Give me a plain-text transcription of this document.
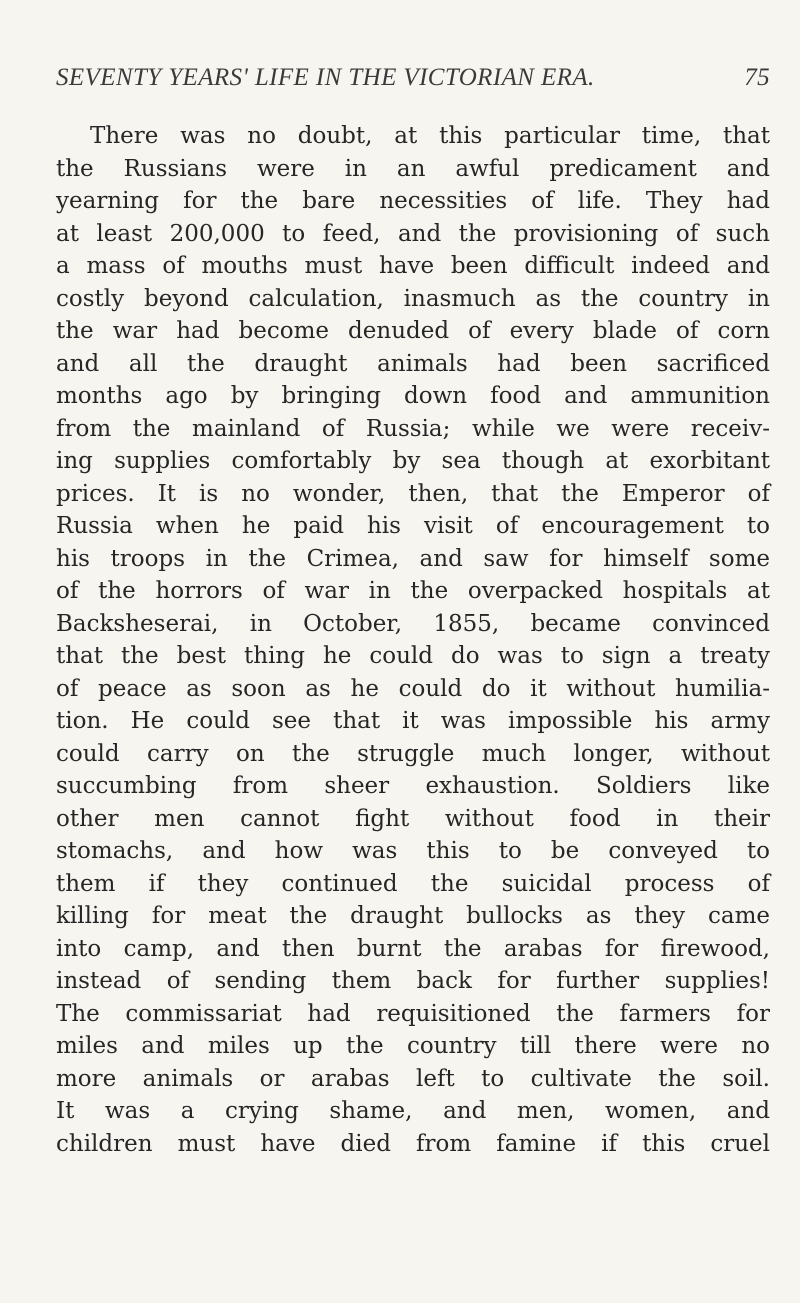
SEVENTY YEARS' LIFE IN THE VICTORIAN ERA.	75
There was no doubt, at this particular time, that
the Russians were in an awful predicament and
yearning for the bare necessities of life. They had
at least 200,000 to feed, and the provisioning of such
a mass of mouths must have been difficult indeed and
costly beyond calculation, inasmuch as the country in
the war had become denuded of every blade of corn
and all the draught animals had been sacrificed
months ago by bringing down food and ammunition
from the mainland of Russia; while we were receiv-
ing supplies comfortably by sea though at exorbitant
prices. It is no wonder, then, that the Emperor of
Russia when he paid his visit of encouragement to
his troops in the Crimea, and saw for himself some
of the horrors of war in the overpacked hospitals at
Backsheserai, in October, 1855, became convinced
that the best thing he could do was to sign a treaty
of peace as soon as he could do it without humilia-
tion. He could see that it was impossible his army
could carry on the struggle much longer, without
succumbing from sheer exhaustion. Soldiers like
other men cannot fight without food in their
stomachs, and how was this to be conveyed to
them if they continued the suicidal process of
killing for meat the draught bullocks as they came
into camp, and then burnt the arabas for firewood,
instead of sending them back for further supplies!
The commissariat had requisitioned the farmers for
miles and miles up the country till there were no
more animals or arabas left to cultivate the soil.
It was a crying shame, and men, women, and
children must have died from famine if this cruel
